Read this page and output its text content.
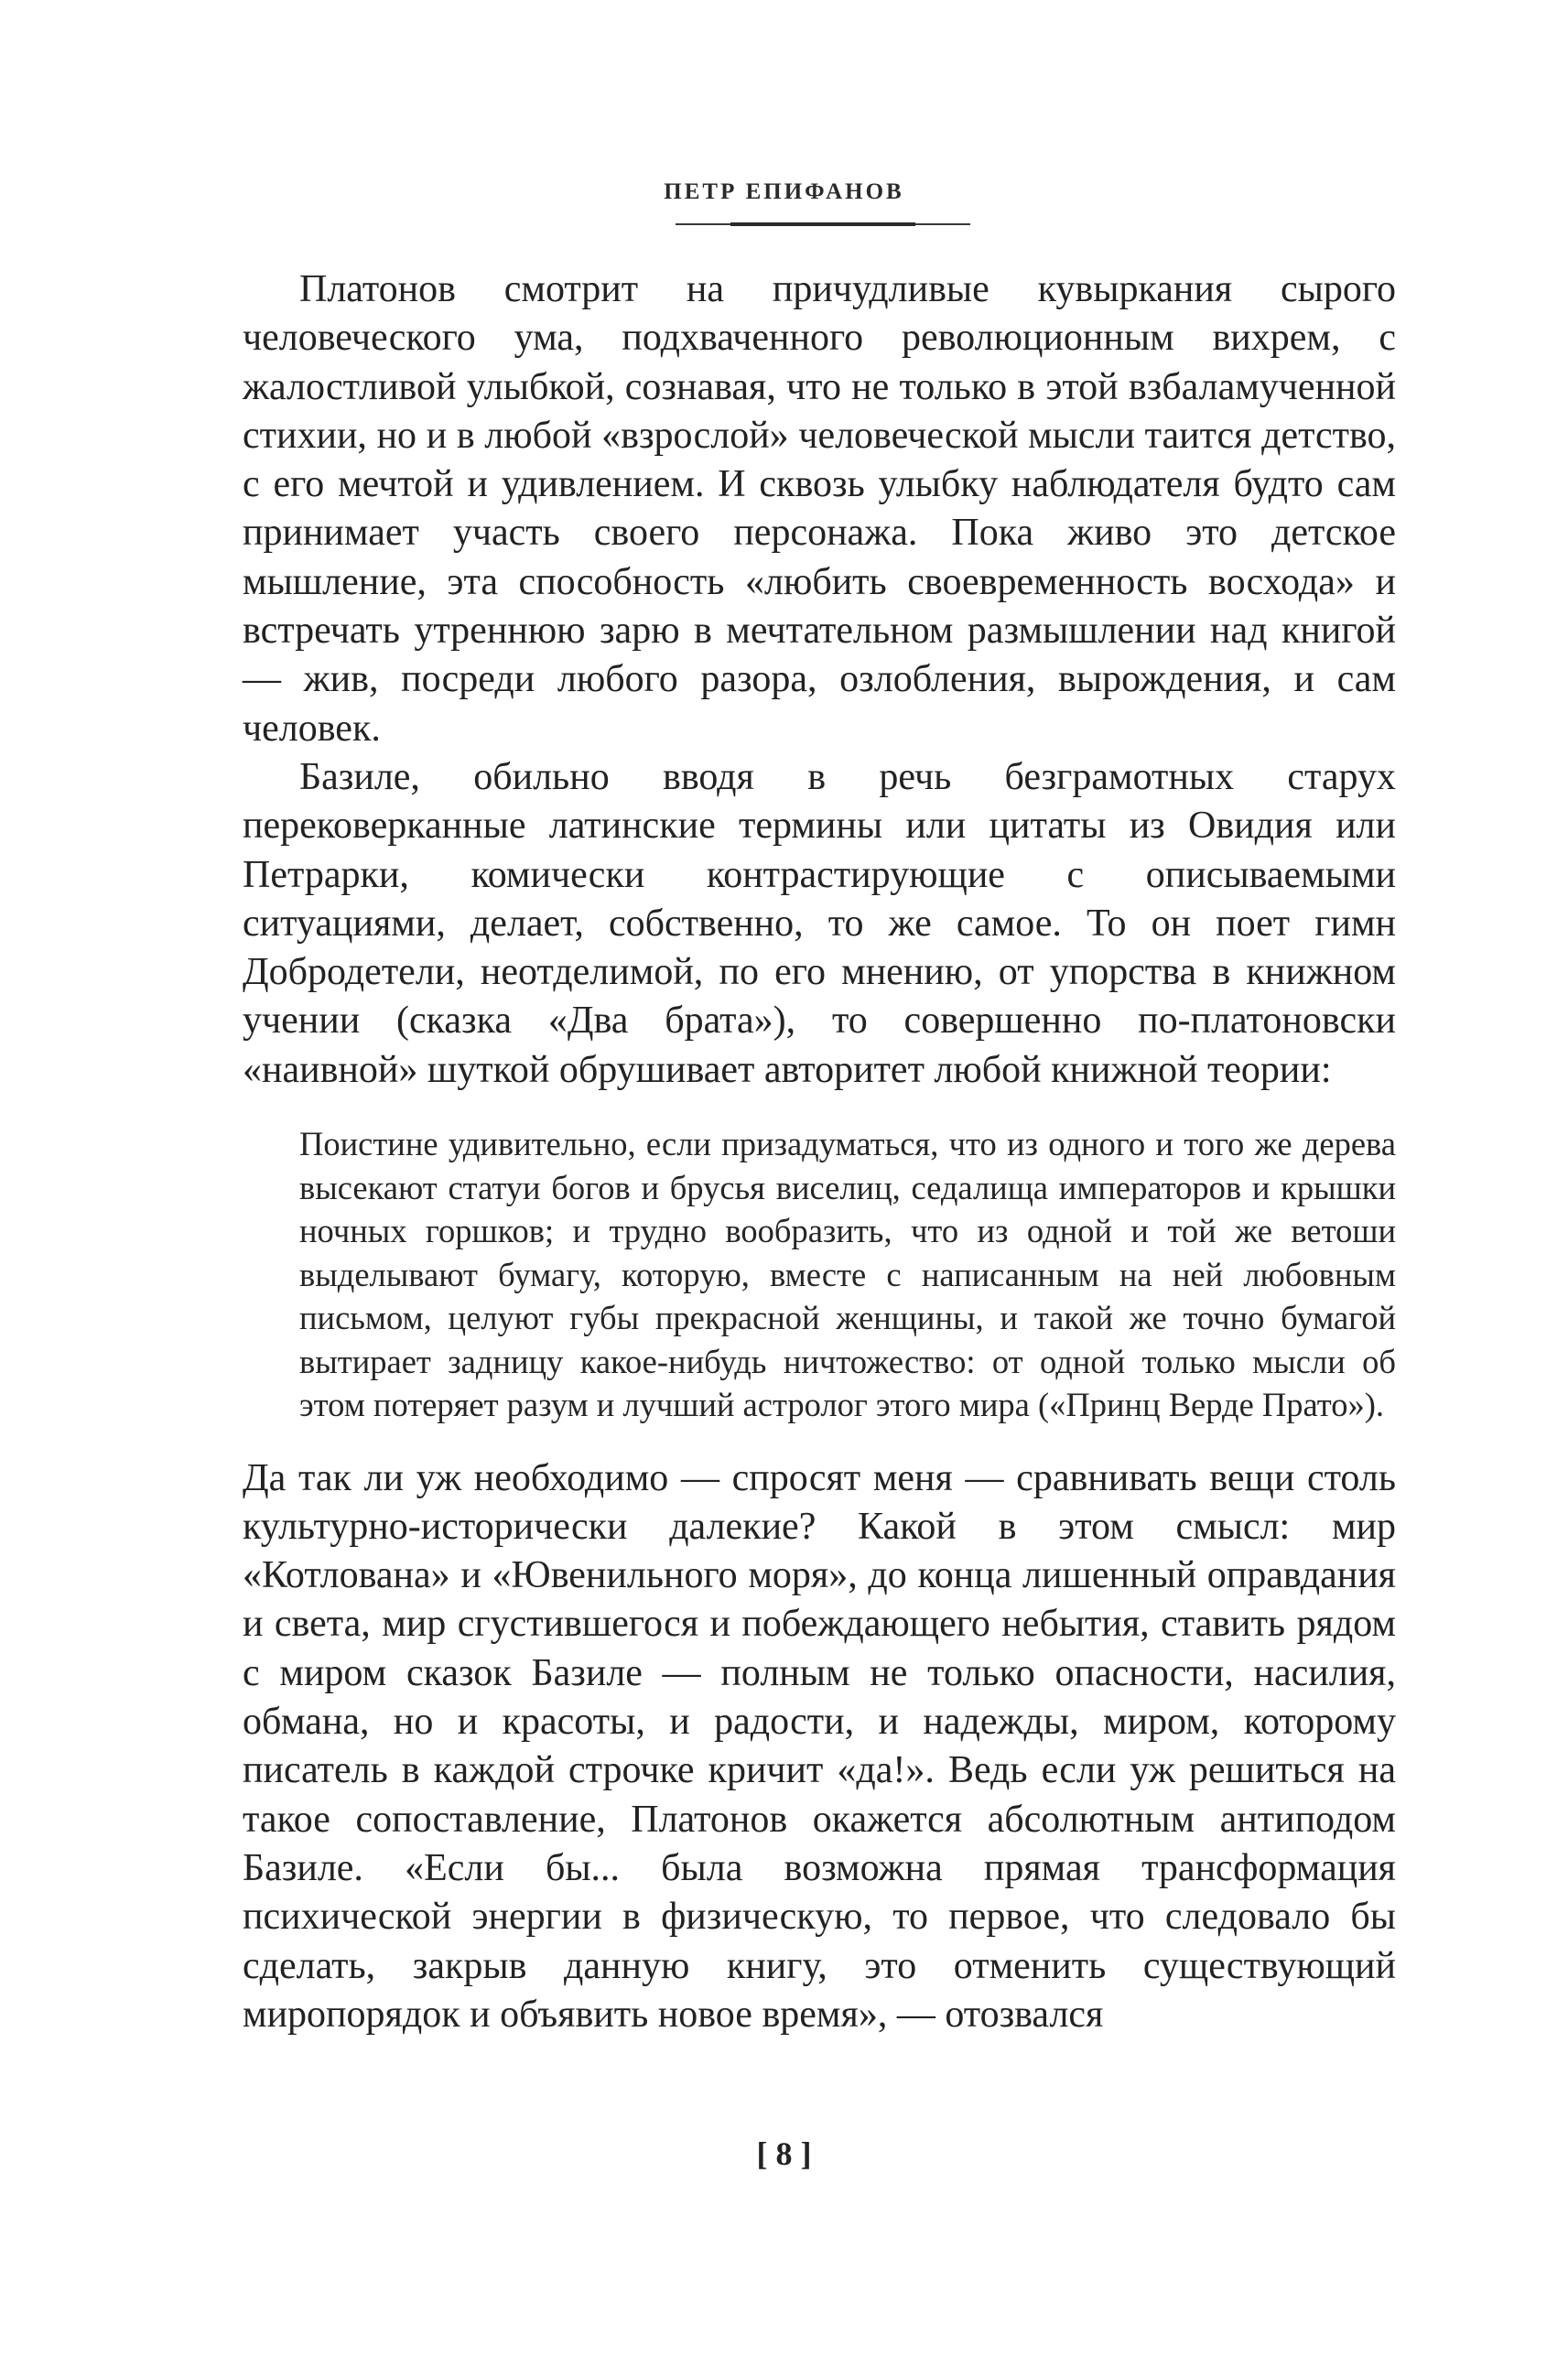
ПЕТР ЕПИФАНОВ

Платонов смотрит на причудливые кувыркания сырого человеческого ума, подхваченного революционным вихрем, с жалостливой улыбкой, сознавая, что не только в этой взбаламученной стихии, но и в любой «взрослой» человеческой мысли таится детство, с его мечтой и удивлением. И сквозь улыбку наблюдателя будто сам принимает участь своего персонажа. Пока живо это детское мышление, эта способность «любить своевременность восхода» и встречать утреннюю зарю в мечтательном размышлении над книгой — жив, посреди любого разора, озлобления, вырождения, и сам человек.

Базиле, обильно вводя в речь безграмотных старух перековерканные латинские термины или цитаты из Овидия или Петрарки, комически контрастирующие с описываемыми ситуациями, делает, собственно, то же самое. То он поет гимн Добродетели, неотделимой, по его мнению, от упорства в книжном учении (сказка «Два брата»), то совершенно по-платоновски «наивной» шуткой обрушивает авторитет любой книжной теории:

Поистине удивительно, если призадуматься, что из одного и того же дерева высекают статуи богов и брусья виселиц, седалища императоров и крышки ночных горшков; и трудно вообразить, что из одной и той же ветоши выделывают бумагу, которую, вместе с написанным на ней любовным письмом, целуют губы прекрасной женщины, и такой же точно бумагой вытирает задницу какое-нибудь ничтожество: от одной только мысли об этом потеряет разум и лучший астролог этого мира («Принц Верде Прато»).

Да так ли уж необходимо — спросят меня — сравнивать вещи столь культурно-исторически далекие? Какой в этом смысл: мир «Котлована» и «Ювенильного моря», до конца лишенный оправдания и света, мир сгустившегося и побеждающего небытия, ставить рядом с миром сказок Базиле — полным не только опасности, насилия, обмана, но и красоты, и радости, и надежды, миром, которому писатель в каждой строчке кричит «да!». Ведь если уж решиться на такое сопоставление, Платонов окажется абсолютным антиподом Базиле. «Если бы... была возможна прямая трансформация психической энергии в физическую, то первое, что следовало бы сделать, закрыв данную книгу, это отменить существующий миропорядок и объявить новое время», — отозвался

[ 8 ]
